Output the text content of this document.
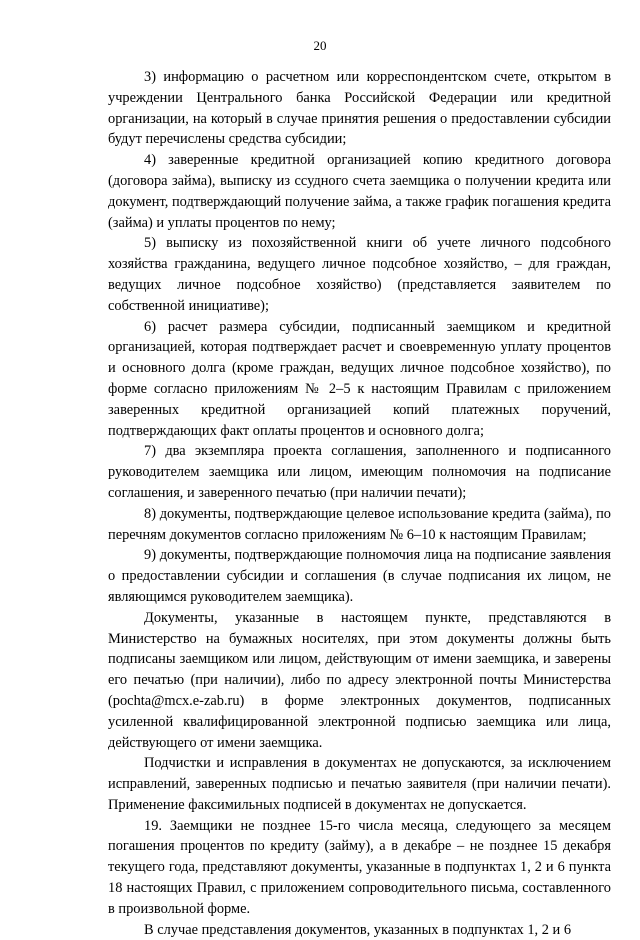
20

3) информацию о расчетном или корреспондентском счете, открытом в учреждении Центрального банка Российской Федерации или кредитной организации, на который в случае принятия решения о предоставлении субсидии будут перечислены средства субсидии;

4) заверенные кредитной организацией копию кредитного договора (договора займа), выписку из ссудного счета заемщика о получении кредита или документ, подтверждающий получение займа, а также график погашения кредита (займа) и уплаты процентов по нему;

5) выписку из похозяйственной книги об учете личного подсобного хозяйства гражданина, ведущего личное подсобное хозяйство, – для граждан, ведущих личное подсобное хозяйство) (представляется заявителем по собственной инициативе);

6) расчет размера субсидии, подписанный заемщиком и кредитной организацией, которая подтверждает расчет и своевременную уплату процентов и основного долга (кроме граждан, ведущих личное подсобное хозяйство), по форме согласно приложениям № 2–5 к настоящим Правилам с приложением заверенных кредитной организацией копий платежных поручений, подтверждающих факт оплаты процентов и основного долга;

7) два экземпляра проекта соглашения, заполненного и подписанного руководителем заемщика или лицом, имеющим полномочия на подписание соглашения, и заверенного печатью (при наличии печати);

8) документы, подтверждающие целевое использование кредита (займа), по перечням документов согласно приложениям № 6–10 к настоящим Правилам;

9) документы, подтверждающие полномочия лица на подписание заявления о предоставлении субсидии и соглашения (в случае подписания их лицом, не являющимся руководителем заемщика).

Документы, указанные в настоящем пункте, представляются в Министерство на бумажных носителях, при этом документы должны быть подписаны заемщиком или лицом, действующим от имени заемщика, и заверены его печатью (при наличии), либо по адресу электронной почты Министерства (pochta@mcx.e-zab.ru) в форме электронных документов, подписанных усиленной квалифицированной электронной подписью заемщика или лица, действующего от имени заемщика.

Подчистки и исправления в документах не допускаются, за исключением исправлений, заверенных подписью и печатью заявителя (при наличии печати). Применение факсимильных подписей в документах не допускается.

19. Заемщики не позднее 15-го числа месяца, следующего за месяцем погашения процентов по кредиту (займу), а в декабре – не позднее 15 декабря текущего года, представляют документы, указанные в подпунктах 1, 2 и 6 пункта 18 настоящих Правил, с приложением сопроводительного письма, составленного в произвольной форме.

В случае представления документов, указанных в подпунктах 1, 2 и 6
